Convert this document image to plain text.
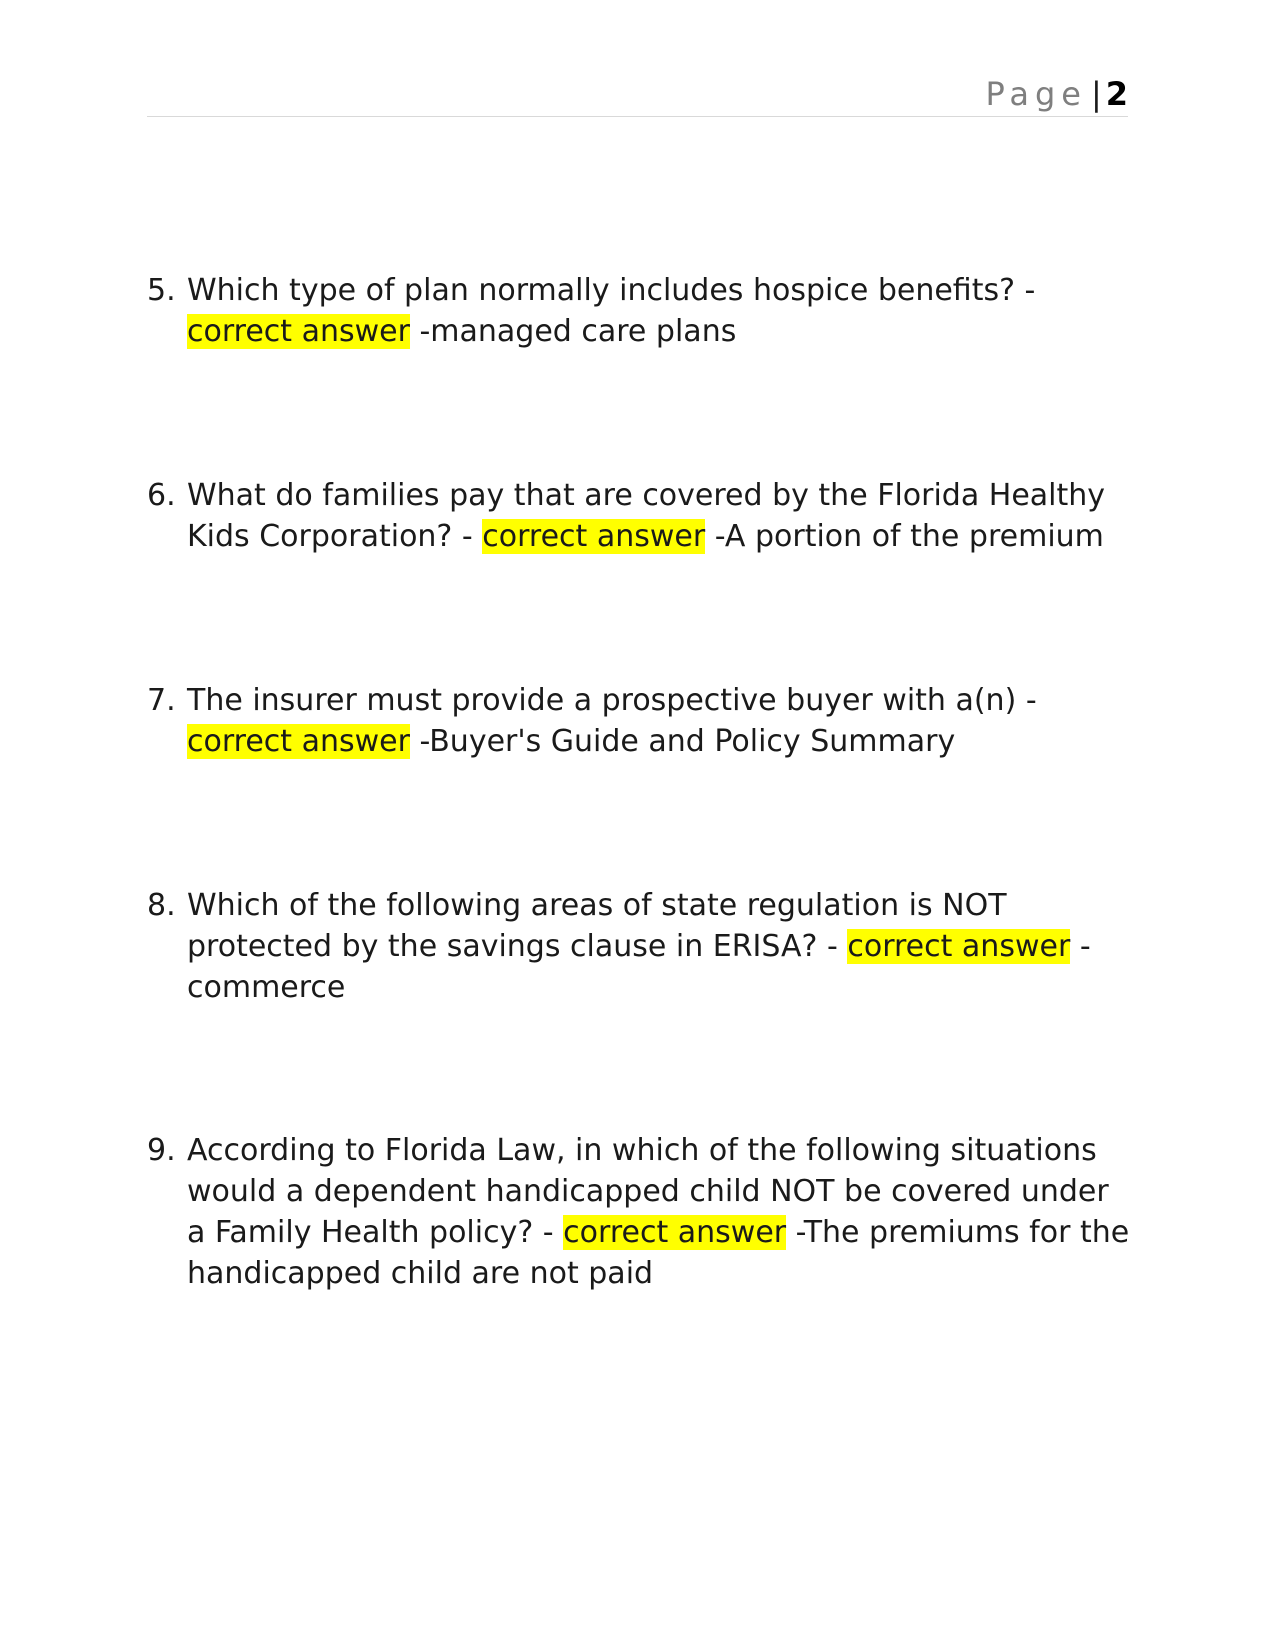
Page | 2
5. Which type of plan normally includes hospice benefits? - correct answer -managed care plans
6. What do families pay that are covered by the Florida Healthy Kids Corporation? - correct answer -A portion of the premium
7. The insurer must provide a prospective buyer with a(n) - correct answer -Buyer's Guide and Policy Summary
8. Which of the following areas of state regulation is NOT protected by the savings clause in ERISA? - correct answer -commerce
9. According to Florida Law, in which of the following situations would a dependent handicapped child NOT be covered under a Family Health policy? - correct answer -The premiums for the handicapped child are not paid
